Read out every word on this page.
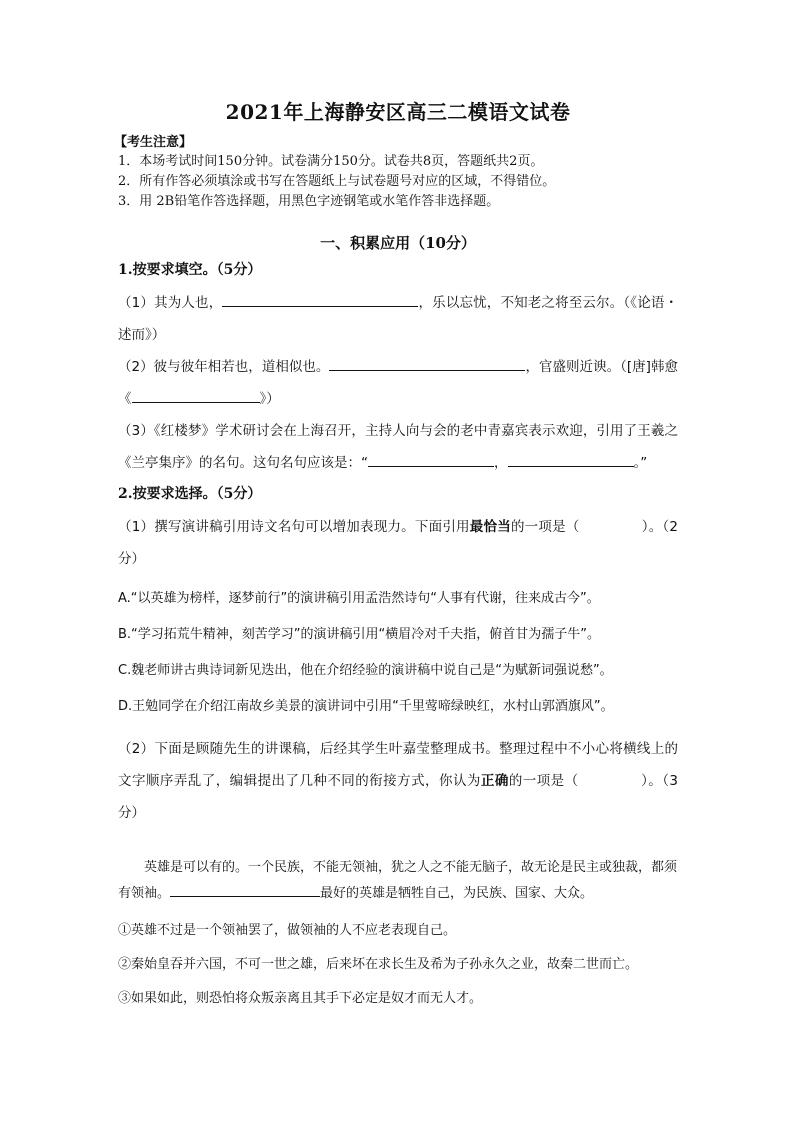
2021年上海静安区高三二模语文试卷
【考生注意】

1．本场考试时间150分钟。试卷满分150分。试卷共8页，答题纸共2页。

2．所有作答必须填涂或书写在答题纸上与试卷题号对应的区域，不得错位。

3．用 2B铅笔作答选择题，用黑色字迹钢笔或水笔作答非选择题。

一、积累应用（10分）
1.按要求填空。（5分）

（1）其为人也，	，乐以忘忧，不知老之将至云尔。（《论语・述而》）

（2）彼与彼年相若也，道相似也。	，官盛则近谀。（[唐]韩愈《	》）

（3）《红楼梦》学术研讨会在上海召开，主持人向与会的老中青嘉宾表示欢迎，引用了王羲之《兰亭集序》的名句。这句名句应该是：“	，	。”

2.按要求选择。（5分）

（1）撰写演讲稿引用诗文名句可以增加表现力。下面引用最恰当的一项是（	）。（2分）

A.“以英雄为榜样，逐梦前行”的演讲稿引用孟浩然诗句“人事有代谢，往来成古今”。

B.“学习拓荒牛精神，刻苦学习”的演讲稿引用“横眉冷对千夫指，俯首甘为孺子牛”。

C.魏老师讲古典诗词新见迭出，他在介绍经验的演讲稿中说自己是“为赋新词强说愁”。

D.王勉同学在介绍江南故乡美景的演讲词中引用“千里莺啼绿映红，水村山郭酒旗风”。

（2）下面是顾随先生的讲课稿，后经其学生叶嘉莹整理成书。整理过程中不小心将横线上的文字顺序弄乱了，编辑提出了几种不同的衔接方式，你认为正确的一项是（	）。（3分）

英雄是可以有的。一个民族，不能无领袖，犹之人之不能无脑子，故无论是民主或独裁，都须有领袖。	最好的英雄是牺牲自己，为民族、国家、大众。

①英雄不过是一个领袖罢了，做领袖的人不应老表现自己。

②秦始皇吞并六国，不可一世之雄，后来坏在求长生及希为子孙永久之业，故秦二世而亡。

③如果如此，则恐怕将众叛亲离且其手下必定是奴才而无人才。
